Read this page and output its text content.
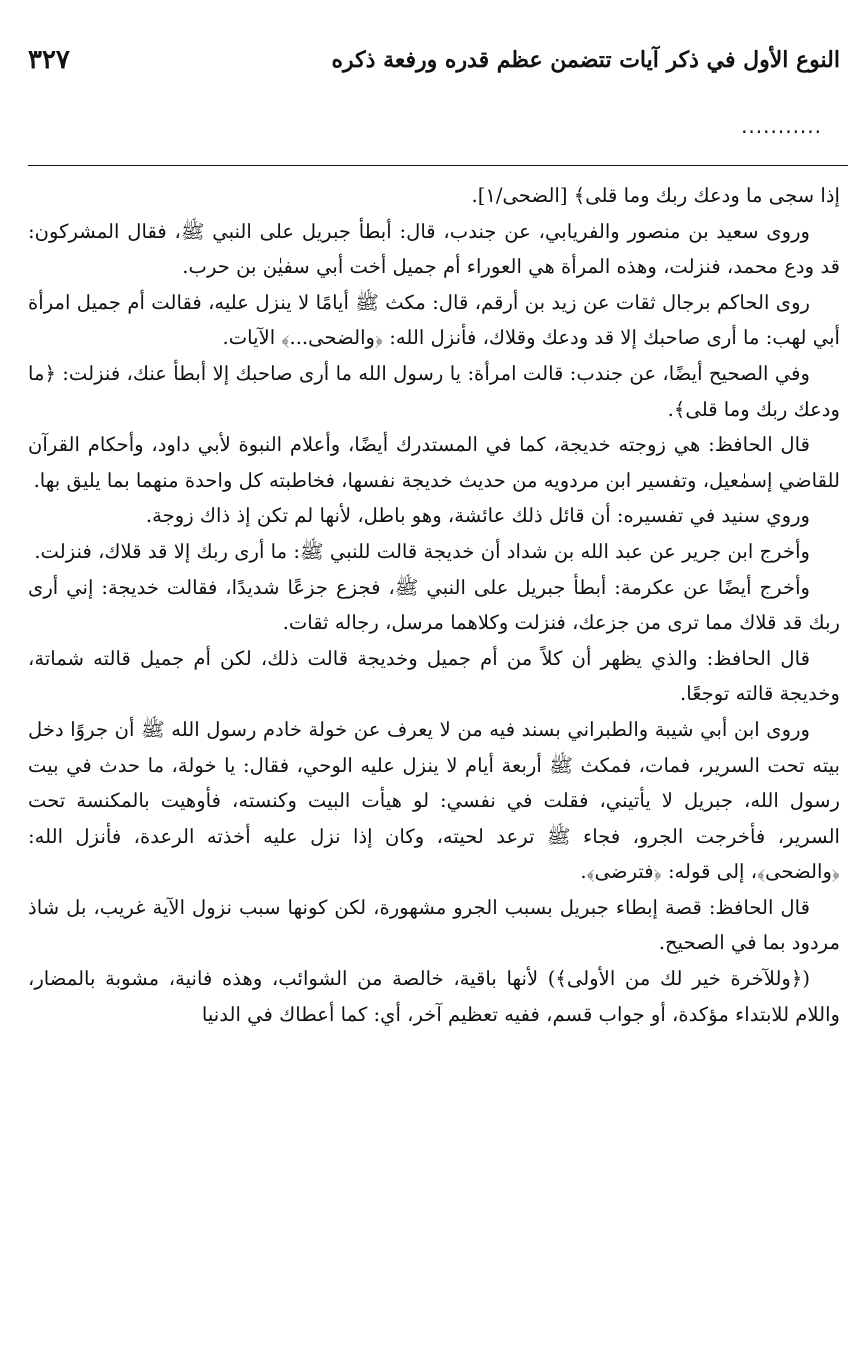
النوع الأول في ذكر آيات تتضمن عظم قدره ورفعة ذكره
٣٢٧
...........

إذا سجى ما ودعك ربك وما قلى﴾ [الضحى/١].

وروى سعيد بن منصور والفريابي، عن جندب، قال: أبطأ جبريل على النبي ﷺ، فقال المشركون: قد ودع محمد، فنزلت، وهذه المرأة هي العوراء أم جميل أخت أبي سفيٰن بن حرب.

روى الحاكم برجال ثقات عن زيد بن أرقم، قال: مكث ﷺ أيامًا لا ينزل عليه، فقالت أم جميل امرأة أبي لهب: ما أرى صاحبك إلا قد ودعك وقلاك، فأنزل الله: ﴿والضحى...﴾ الآيات.

وفي الصحيح أيضًا، عن جندب: قالت امرأة: يا رسول الله ما أرى صاحبك إلا أبطأ عنك، فنزلت: ﴿ما ودعك ربك وما قلى﴾.

قال الحافظ: هي زوجته خديجة، كما في المستدرك أيضًا، وأعلام النبوة لأبي داود، وأحكام القرآن للقاضي إسمٰعيل، وتفسير ابن مردويه من حديث خديجة نفسها، فخاطبته كل واحدة منهما بما يليق بها.

وروي سنيد في تفسيره: أن قائل ذلك عائشة، وهو باطل، لأنها لم تكن إذ ذاك زوجة.

وأخرج ابن جرير عن عبد الله بن شداد أن خديجة قالت للنبي ﷺ: ما أرى ربك إلا قد قلاك، فنزلت.

وأخرج أيضًا عن عكرمة: أبطأ جبريل على النبي ﷺ، فجزع جزعًا شديدًا، فقالت خديجة: إني أرى ربك قد قلاك مما ترى من جزعك، فنزلت وكلاهما مرسل، رجاله ثقات.

قال الحافظ: والذي يظهر أن كلاً من أم جميل وخديجة قالت ذلك، لكن أم جميل قالته شماتة، وخديجة قالته توجعًا.

وروى ابن أبي شيبة والطبراني بسند فيه من لا يعرف عن خولة خادم رسول الله ﷺ أن جروًا دخل بيته تحت السرير، فمات، فمكث ﷺ أربعة أيام لا ينزل عليه الوحي، فقال: يا خولة، ما حدث في بيت رسول الله، جبريل لا يأتيني، فقلت في نفسي: لو هيأت البيت وكنسته، فأوهيت بالمكنسة تحت السرير، فأخرجت الجرو، فجاء ﷺ ترعد لحيته، وكان إذا نزل عليه أخذته الرعدة، فأنزل الله: ﴿والضحى﴾، إلى قوله: ﴿فترضى﴾.

قال الحافظ: قصة إبطاء جبريل بسبب الجرو مشهورة، لكن كونها سبب نزول الآية غريب، بل شاذ مردود بما في الصحيح.

(﴿وللآخرة خير لك من الأولى﴾) لأنها باقية، خالصة من الشوائب، وهذه فانية، مشوبة بالمضار، واللام للابتداء مؤكدة، أو جواب قسم، ففيه تعظيم آخر، أي: كما أعطاك في الدنيا
